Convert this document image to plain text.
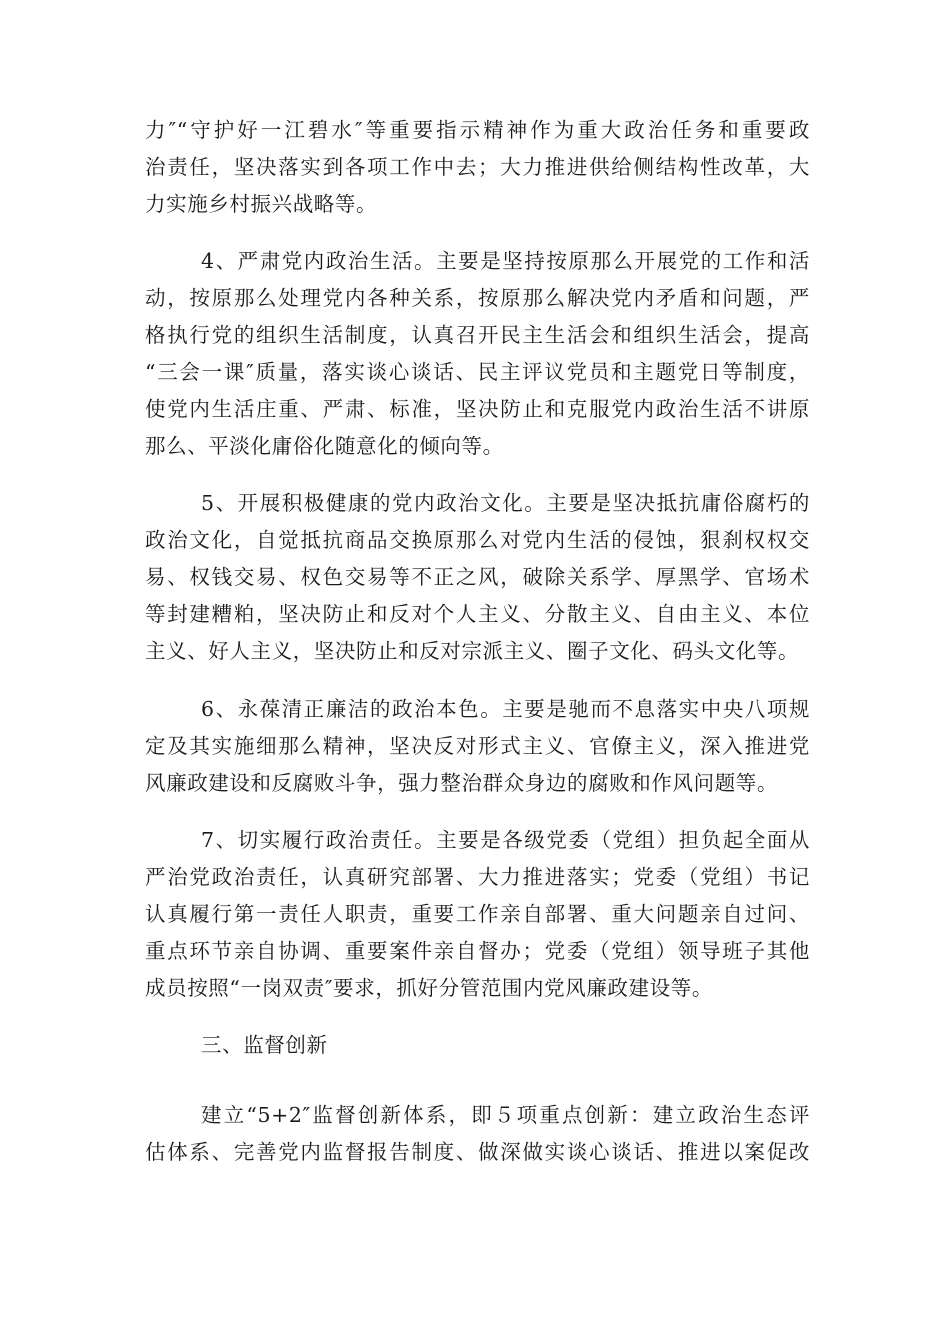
力″“守护好一江碧水″等重要指示精神作为重大政治任务和重要政
治责任，坚决落实到各项工作中去；大力推进供给侧结构性改革，大
力实施乡村振兴战略等。
4、严肃党内政治生活。主要是坚持按原那么开展党的工作和活
动，按原那么处理党内各种关系，按原那么解决党内矛盾和问题，严
格执行党的组织生活制度，认真召开民主生活会和组织生活会，提高
“三会一课″质量，落实谈心谈话、民主评议党员和主题党日等制度，
使党内生活庄重、严肃、标准，坚决防止和克服党内政治生活不讲原
那么、平淡化庸俗化随意化的倾向等。
5、开展积极健康的党内政治文化。主要是坚决抵抗庸俗腐朽的
政治文化，自觉抵抗商品交换原那么对党内生活的侵蚀，狠刹权权交
易、权钱交易、权色交易等不正之风，破除关系学、厚黑学、官场术
等封建糟粕，坚决防止和反对个人主义、分散主义、自由主义、本位
主义、好人主义，坚决防止和反对宗派主义、圈子文化、码头文化等。
6、永葆清正廉洁的政治本色。主要是驰而不息落实中央八项规
定及其实施细那么精神，坚决反对形式主义、官僚主义，深入推进党
风廉政建设和反腐败斗争，强力整治群众身边的腐败和作风问题等。
7、切实履行政治责任。主要是各级党委（党组）担负起全面从
严治党政治责任，认真研究部署、大力推进落实；党委（党组）书记
认真履行第一责任人职责，重要工作亲自部署、重大问题亲自过问、
重点环节亲自协调、重要案件亲自督办；党委（党组）领导班子其他
成员按照“一岗双责″要求，抓好分管范围内党风廉政建设等。
三、监督创新
建立“5+2″监督创新体系，即５项重点创新：建立政治生态评
估体系、完善党内监督报告制度、做深做实谈心谈话、推进以案促改
